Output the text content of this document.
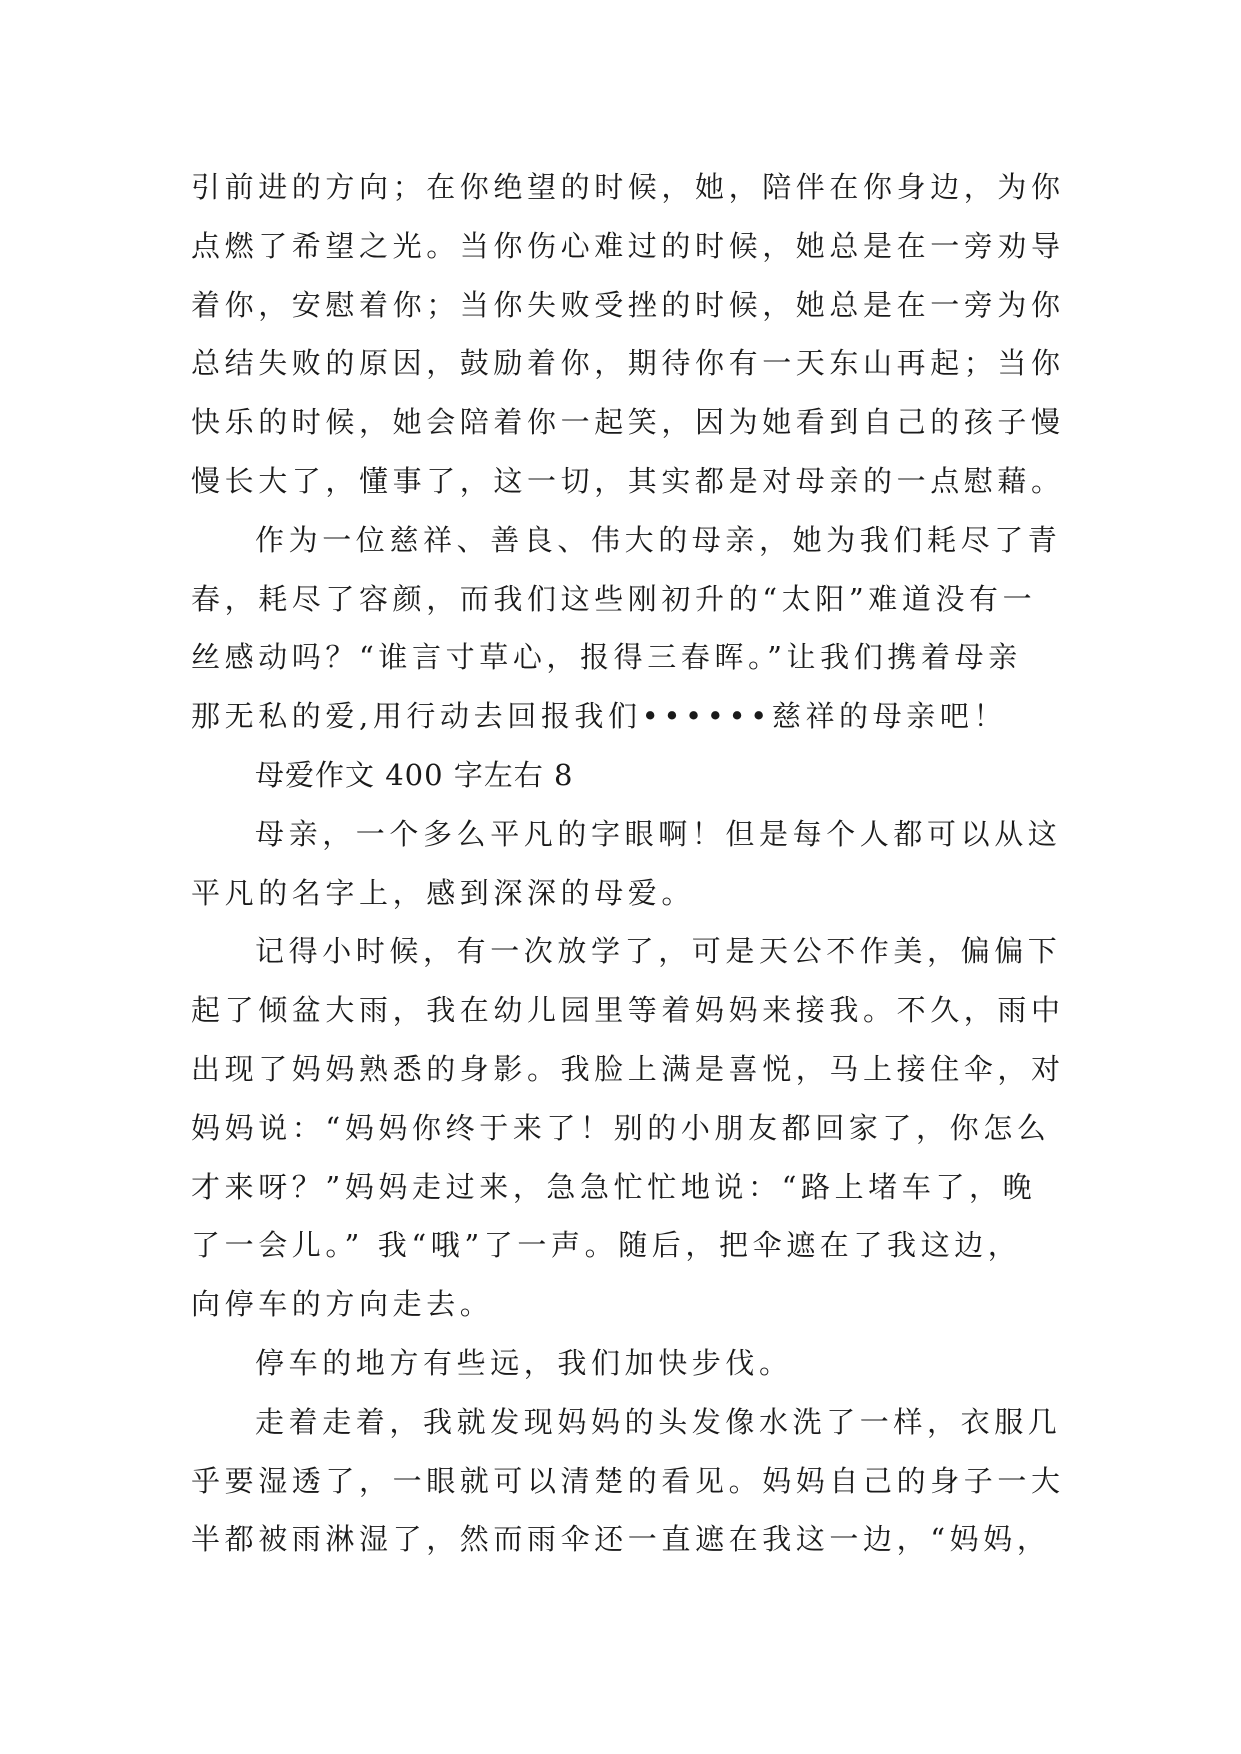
引前进的方向；在你绝望的时候，她，陪伴在你身边，为你
点燃了希望之光。当你伤心难过的时候，她总是在一旁劝导
着你，安慰着你；当你失败受挫的时候，她总是在一旁为你
总结失败的原因，鼓励着你，期待你有一天东山再起；当你
快乐的时候，她会陪着你一起笑，因为她看到自己的孩子慢
慢长大了，懂事了，这一切，其实都是对母亲的一点慰藉。
作为一位慈祥、善良、伟大的母亲，她为我们耗尽了青
春，耗尽了容颜，而我们这些刚初升的“太阳”难道没有一
丝感动吗？“谁言寸草心，报得三春晖。”让我们携着母亲
那无私的爱,用行动去回报我们••••••慈祥的母亲吧！
母爱作文 400 字左右 8
母亲，一个多么平凡的字眼啊！但是每个人都可以从这
平凡的名字上，感到深深的母爱。
记得小时候，有一次放学了，可是天公不作美，偏偏下
起了倾盆大雨，我在幼儿园里等着妈妈来接我。不久，雨中
出现了妈妈熟悉的身影。我脸上满是喜悦，马上接住伞，对
妈妈说：“妈妈你终于来了！别的小朋友都回家了，你怎么
才来呀？”妈妈走过来，急急忙忙地说：“路上堵车了，晚
了一会儿。” 我“哦”了一声。随后，把伞遮在了我这边，
向停车的方向走去。
停车的地方有些远，我们加快步伐。
走着走着，我就发现妈妈的头发像水洗了一样，衣服几
乎要湿透了，一眼就可以清楚的看见。妈妈自己的身子一大
半都被雨淋湿了，然而雨伞还一直遮在我这一边，“妈妈，
